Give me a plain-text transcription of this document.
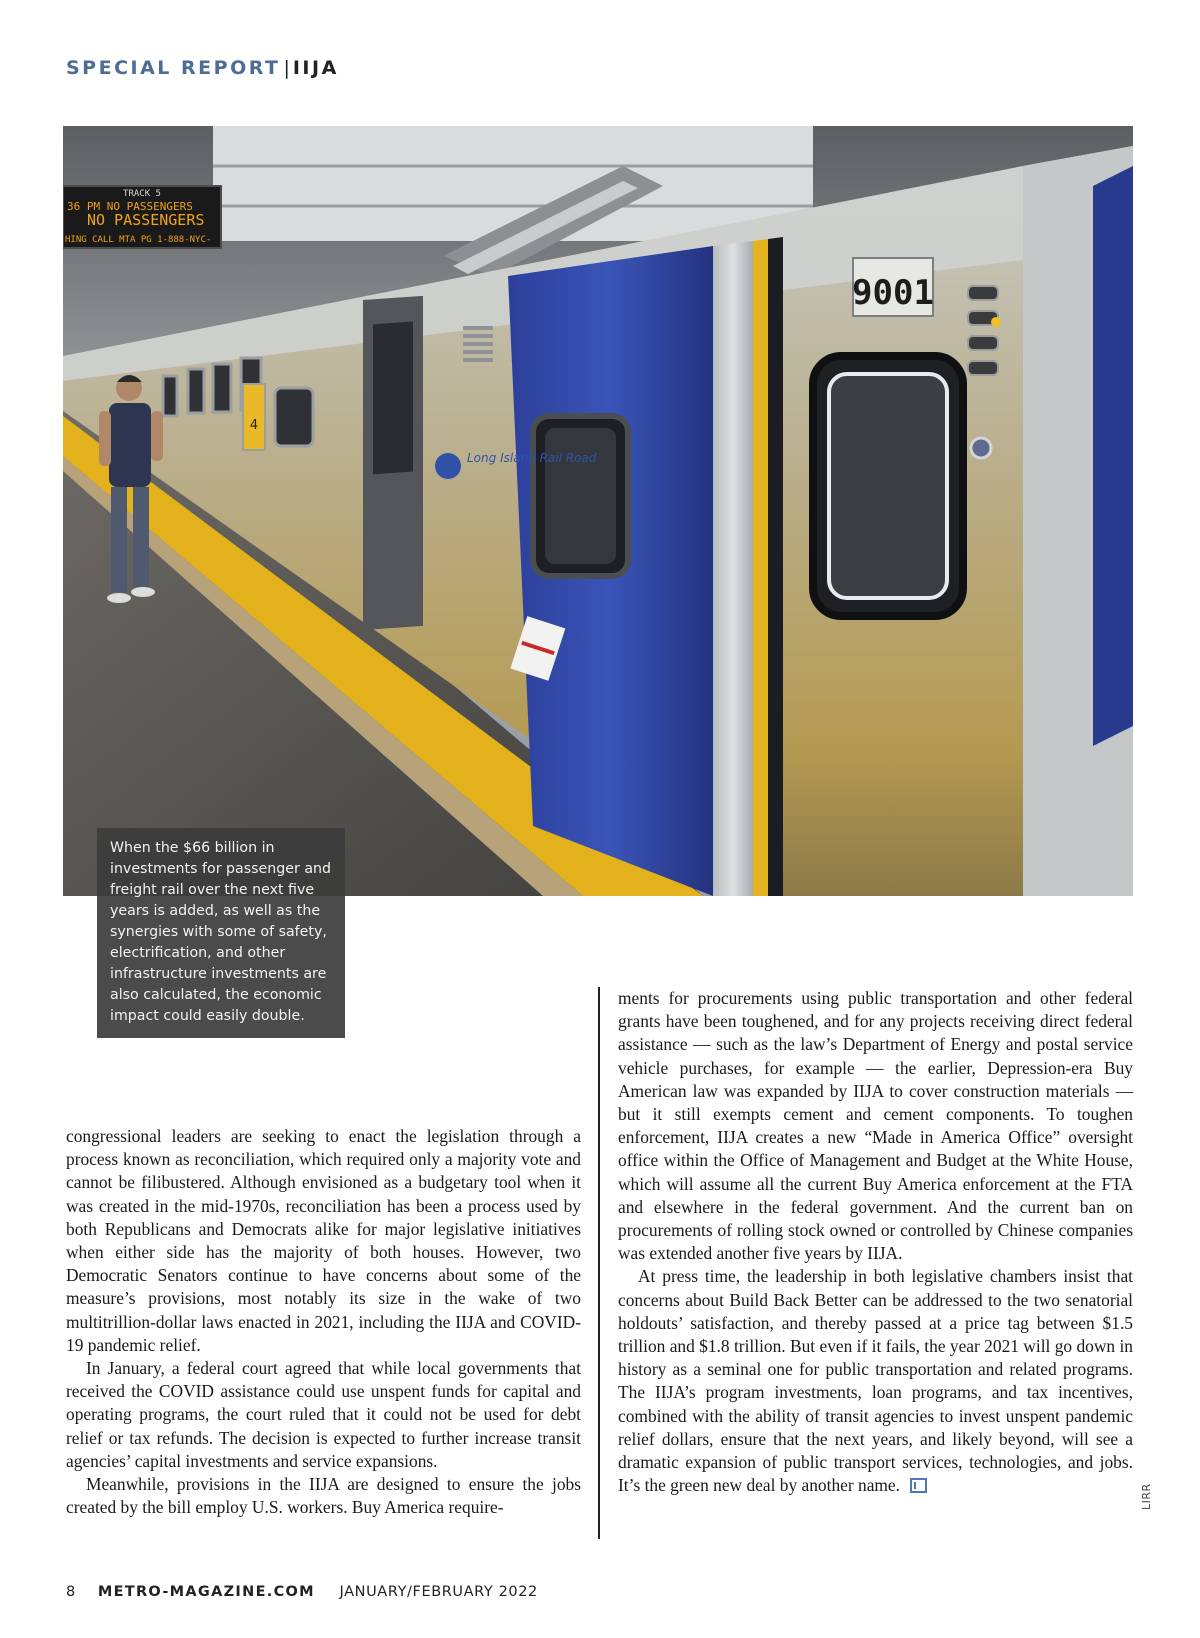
SPECIAL REPORT | IIJA
4
9001
Long Island Rail Road
TRACK 5
36 PM NO PASSENGERS
NO PASSENGERS
HING CALL MTA PG 1-888-NYC-

When the $66 billion in investments for passenger and freight rail over the next five years is added, as well as the synergies with some of safety, electrification, and other infrastructure investments are also calculated, the economic impact could easily double.

congressional leaders are seeking to enact the legislation through a process known as reconciliation, which required only a majority vote and cannot be filibustered. Although envisioned as a budgetary tool when it was created in the mid-1970s, reconciliation has been a process used by both Republicans and Democrats alike for major legislative initiatives when either side has the majority of both houses. However, two Democratic Senators continue to have concerns about some of the measure’s provisions, most notably its size in the wake of two multitrillion-dollar laws enacted in 2021, including the IIJA and COVID-19 pandemic relief.

In January, a federal court agreed that while local governments that received the COVID assistance could use unspent funds for capital and operating programs, the court ruled that it could not be used for debt relief or tax refunds. The decision is expected to further increase transit agencies’ capital investments and service expansions.

Meanwhile, provisions in the IIJA are designed to ensure the jobs created by the bill employ U.S. workers. Buy America require-

ments for procurements using public transportation and other federal grants have been toughened, and for any projects receiving direct federal assistance — such as the law’s Department of Energy and postal service vehicle purchases, for example — the earlier, Depression-era Buy American law was expanded by IIJA to cover construction materials — but it still exempts cement and cement components. To toughen enforcement, IIJA creates a new “Made in America Office” oversight office within the Office of Management and Budget at the White House, which will assume all the current Buy America enforcement at the FTA and elsewhere in the federal government. And the current ban on procurements of rolling stock owned or controlled by Chinese companies was extended another five years by IIJA.

At press time, the leadership in both legislative chambers insist that concerns about Build Back Better can be addressed to the two senatorial holdouts’ satisfaction, and thereby passed at a price tag between $1.5 trillion and $1.8 trillion. But even if it fails, the year 2021 will go down in history as a seminal one for public transportation and related programs. The IIJA’s program investments, loan programs, and tax incentives, combined with the ability of transit agencies to invest unspent pandemic relief dollars, ensure that the next years, and likely beyond, will see a dramatic expansion of public transport services, technologies, and jobs. It’s the green new deal by another name.	LIRR
8 METRO-MAGAZINE.COM JANUARY/FEBRUARY 2022
